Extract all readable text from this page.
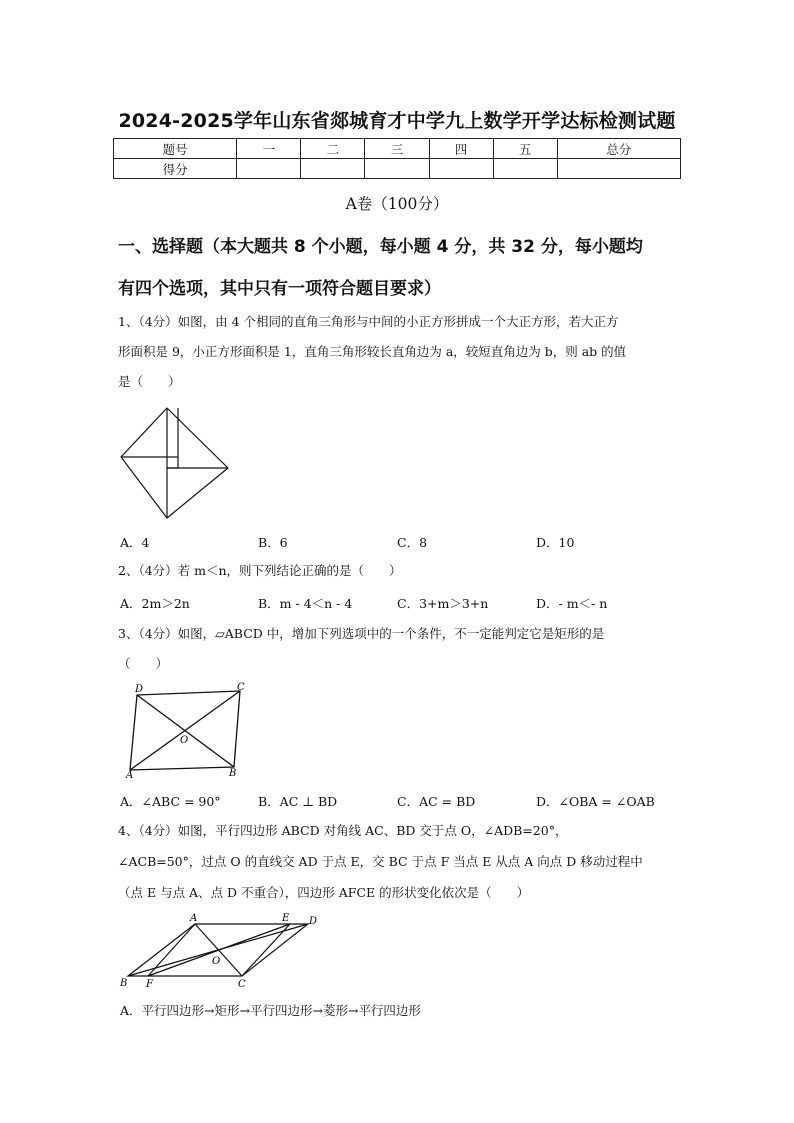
2024-2025学年山东省郯城育才中学九上数学开学达标检测试题
题号	一	二	三	四	五	总分
得分						
A卷（100分）
一、选择题（本大题共 8 个小题，每小题 4 分，共 32 分，每小题均
有四个选项，其中只有一项符合题目要求）
1、（4分）如图，由 4 个相同的直角三角形与中间的小正方形拼成一个大正方形，若大正方
形面积是 9，小正方形面积是 1，直角三角形较长直角边为 a，较短直角边为 b，则 ab 的值
是（　　）
A．4	B．6	C．8	D．10
2、（4分）若 m＜n，则下列结论正确的是（　　）
A．2m＞2n	B．m - 4＜n - 4	C．3+m＞3+n	D．- m＜- n
3、（4分）如图，▱ABCD 中，增加下列选项中的一个条件，不一定能判定它是矩形的是
（　　）
D	C
O
A	B
A．∠ABC = 90°	B．AC ⊥ BD	C．AC = BD	D．∠OBA = ∠OAB
4、（4分）如图，平行四边形 ABCD 对角线 AC、BD 交于点 O，∠ADB=20°，
∠ACB=50°，过点 O 的直线交 AD 于点 E，交 BC 于点 F 当点 E 从点 A 向点 D 移动过程中
（点 E 与点 A、点 D 不重合），四边形 AFCE 的形状变化依次是（　　）
A	E D
O
B F	C
A．平行四边形→矩形→平行四边形→菱形→平行四边形
